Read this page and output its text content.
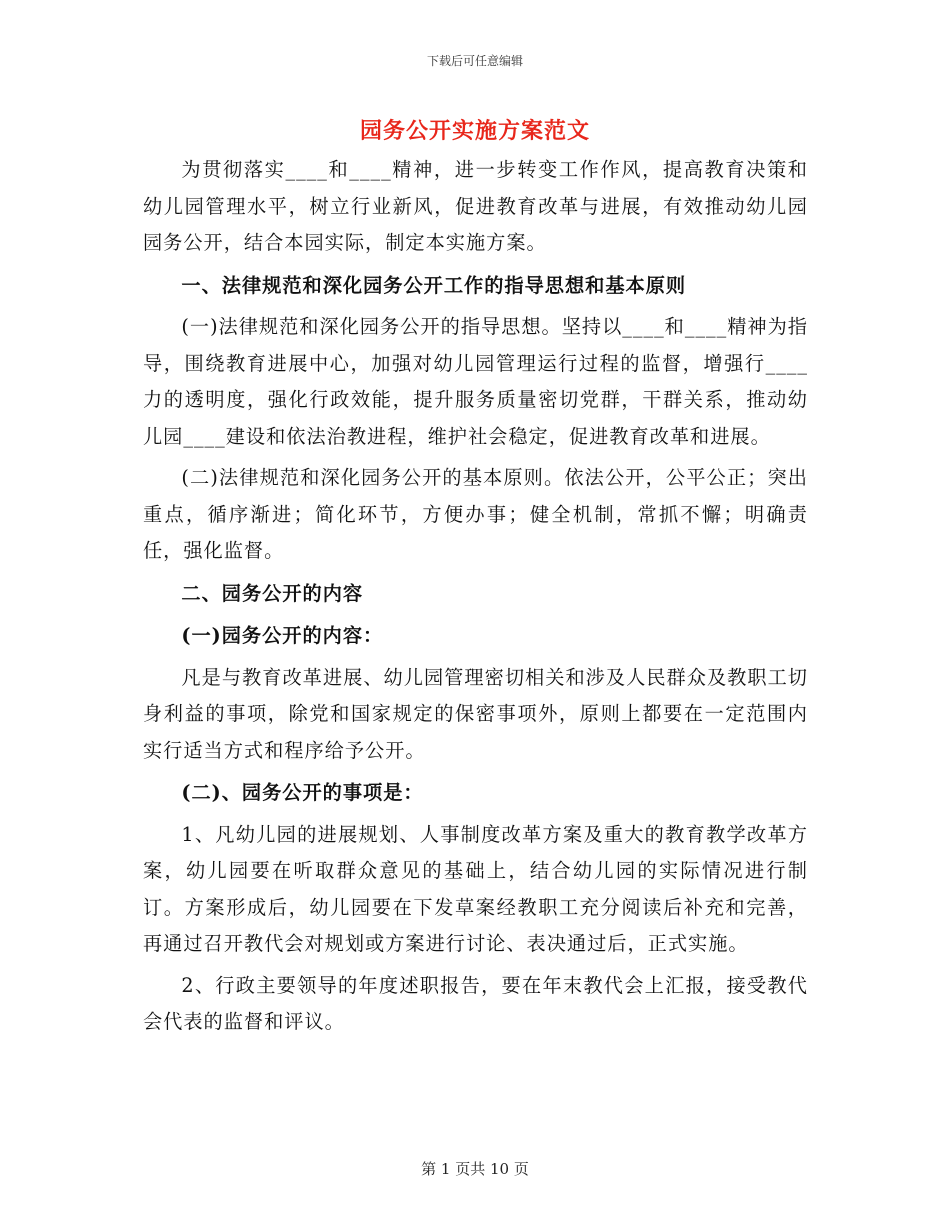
下载后可任意编辑
园务公开实施方案范文

为贯彻落实____和____精神，进一步转变工作作风，提高教育决策和幼儿园管理水平，树立行业新风，促进教育改革与进展，有效推动幼儿园园务公开，结合本园实际，制定本实施方案。

一、法律规范和深化园务公开工作的指导思想和基本原则

(一)法律规范和深化园务公开的指导思想。坚持以____和____精神为指导，围绕教育进展中心，加强对幼儿园管理运行过程的监督，增强行____力的透明度，强化行政效能，提升服务质量密切党群，干群关系，推动幼儿园____建设和依法治教进程，维护社会稳定，促进教育改革和进展。

(二)法律规范和深化园务公开的基本原则。依法公开，公平公正；突出重点，循序渐进；简化环节，方便办事；健全机制，常抓不懈；明确责任，强化监督。

二、园务公开的内容

(一)园务公开的内容：

凡是与教育改革进展、幼儿园管理密切相关和涉及人民群众及教职工切身利益的事项，除党和国家规定的保密事项外，原则上都要在一定范围内实行适当方式和程序给予公开。

(二)、园务公开的事项是：

1、凡幼儿园的进展规划、人事制度改革方案及重大的教育教学改革方案，幼儿园要在听取群众意见的基础上，结合幼儿园的实际情况进行制订。方案形成后，幼儿园要在下发草案经教职工充分阅读后补充和完善，再通过召开教代会对规划或方案进行讨论、表决通过后，正式实施。

2、行政主要领导的年度述职报告，要在年末教代会上汇报，接受教代会代表的监督和评议。

第 1 页共 10 页
